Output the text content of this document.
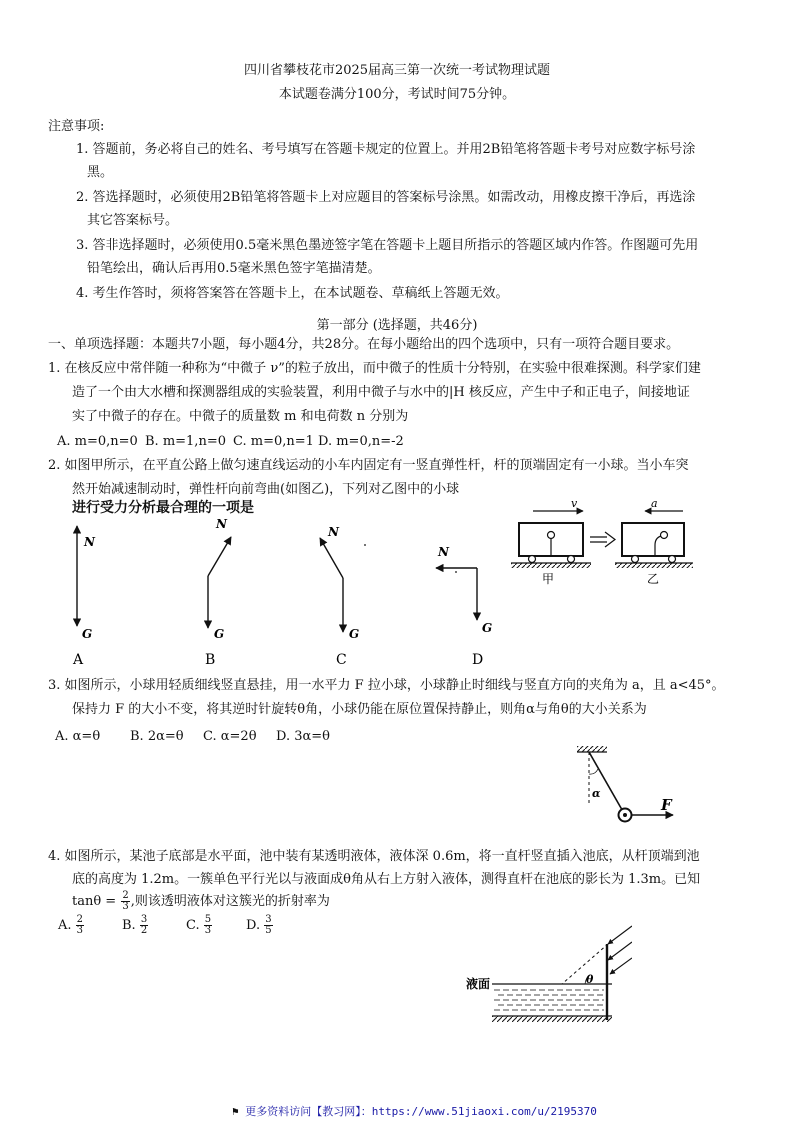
四川省攀枝花市2025届高三第一次统一考试物理试题
本试题卷满分100分，考试时间75分钟。
注意事项:
1. 答题前，务必将自己的姓名、考号填写在答题卡规定的位置上。并用2B铅笔将答题卡考号对应数字标号涂
黑。
2. 答选择题时，必须使用2B铅笔将答题卡上对应题目的答案标号涂黑。如需改动，用橡皮擦干净后，再选涂
其它答案标号。
3. 答非选择题时，必须使用0.5毫米黑色墨迹签字笔在答题卡上题目所指示的答题区域内作答。作图题可先用
铅笔绘出，确认后再用0.5毫米黑色签字笔描清楚。
4. 考生作答时，须将答案答在答题卡上，在本试题卷、草稿纸上答题无效。
第一部分 (选择题，共46分)
一、单项选择题：本题共7小题，每小题4分，共28分。在每小题给出的四个选项中，只有一项符合题目要求。
1. 在核反应中常伴随一种称为“中微子 ν”的粒子放出，而中微子的性质十分特别，在实验中很难探测。科学家们建
造了一个由大水槽和探测器组成的实验装置，利用中微子与水中的|H 核反应，产生中子和正电子，间接地证
实了中微子的存在。中微子的质量数 m 和电荷数 n 分别为
A. m=0,n=0 B. m=1,n=0 C. m=0,n=1 D. m=0,n=-2
2. 如图甲所示，在平直公路上做匀速直线运动的小车内固定有一竖直弹性杆，杆的顶端固定有一小球。当小车突
然开始减速制动时，弹性杆向前弯曲(如图乙)，下列对乙图中的小球
进行受力分析最合理的一项是
N
G
A
N
G
B
N
G
C
N
G
D
v
甲
a
乙
3. 如图所示，小球用轻质细线竖直悬挂，用一水平力 F 拉小球，小球静止时细线与竖直方向的夹角为 a，且 a<45°。
保持力 F 的大小不变，将其逆时针旋转θ角，小球仍能在原位置保持静止，则角α与角θ的大小关系为
A. α=θ B. 2α=θ C. α=2θ D. 3α=θ
α
F
4. 如图所示，某池子底部是水平面，池中装有某透明液体，液体深 0.6m，将一直杆竖直插入池底，从杆顶端到池
底的高度为 1.2m。一簇单色平行光以与液面成θ角从右上方射入液体，测得直杆在池底的影长为 1.3m。已知
$\tan\theta = \frac{2}{3}$ ,则该透明液体对这簇光的折射率为
A. $\frac{2}{3}$	B. $\frac{3}{2}$	C. $\frac{5}{3}$	D. $\frac{3}{5}$
θ
液面
⚑ 更多资料访问【教习网】：https://www.51jiaoxi.com/u/2195370
